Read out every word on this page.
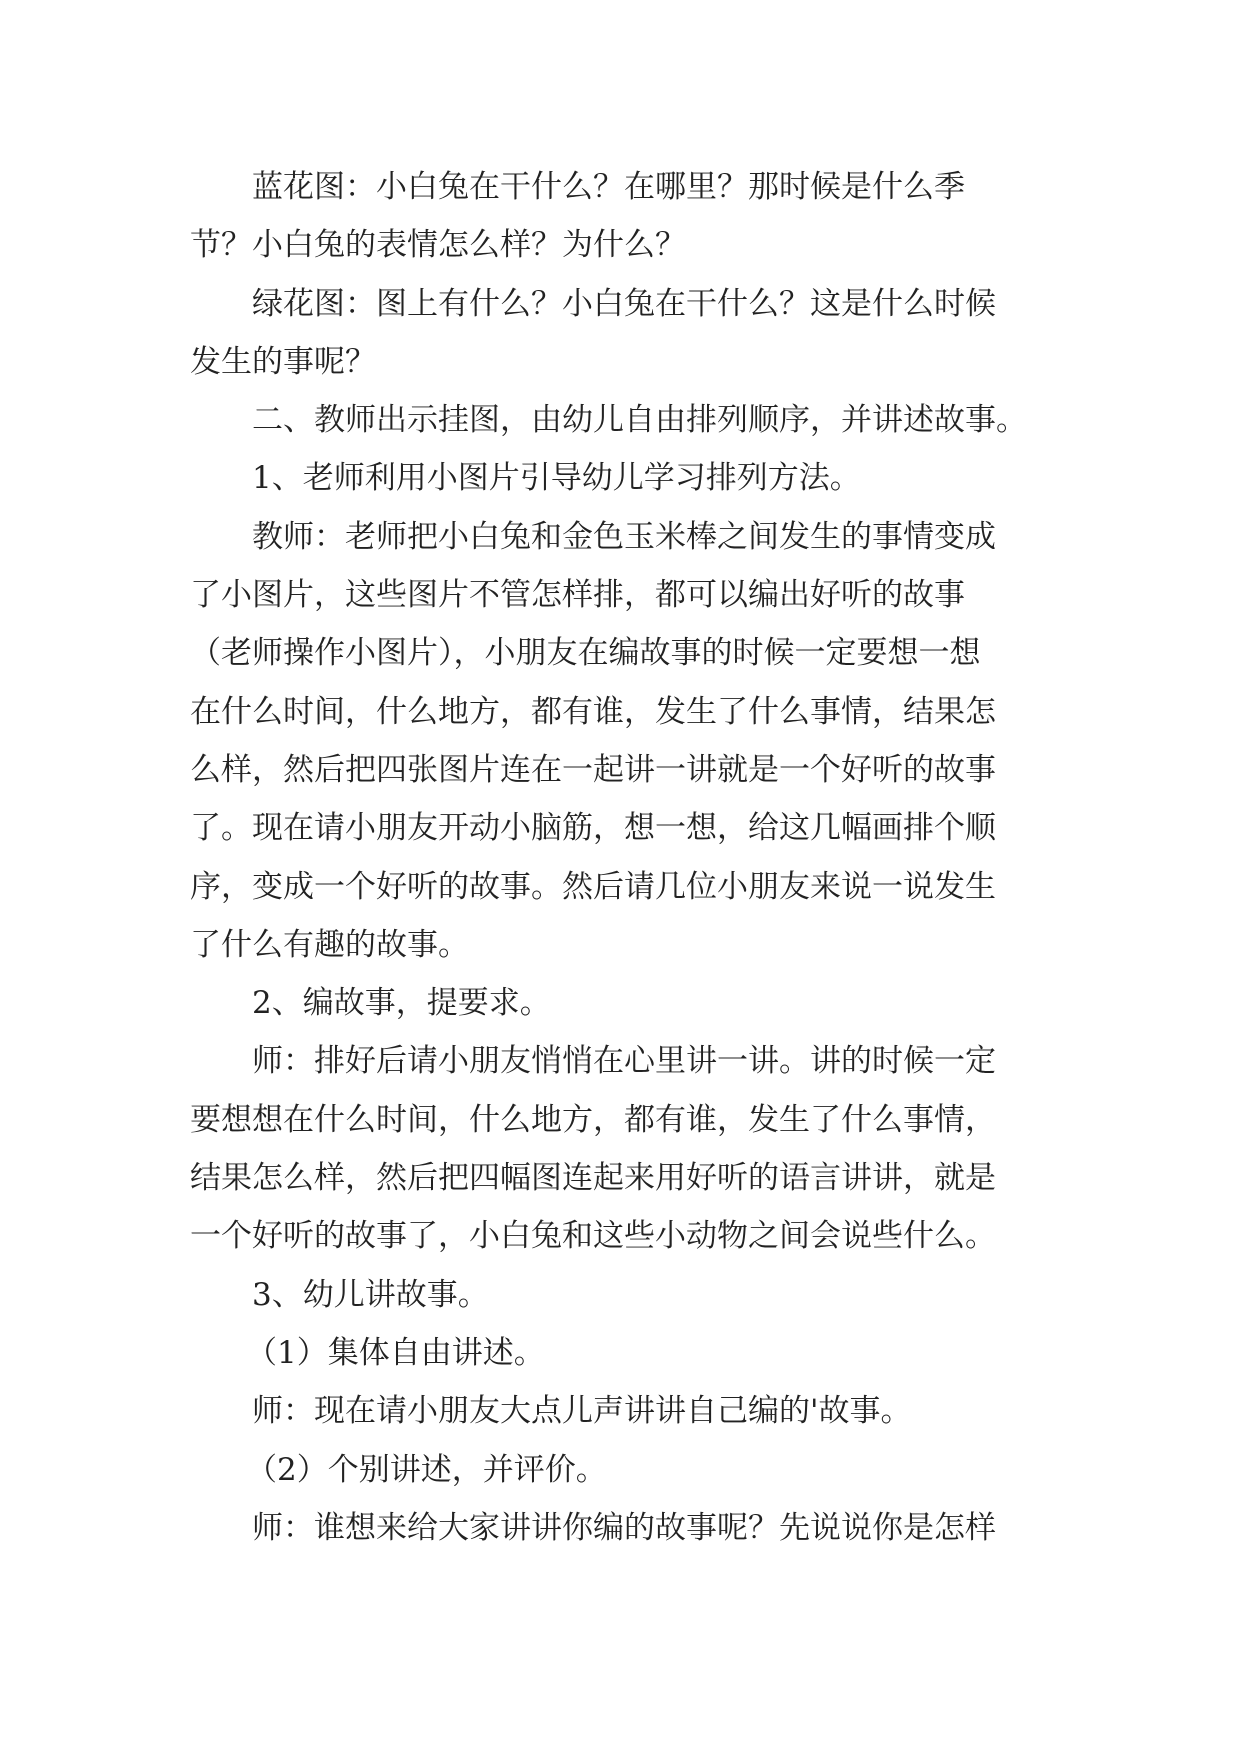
蓝花图：小白兔在干什么？在哪里？那时候是什么季
节？小白兔的表情怎么样？为什么？
绿花图：图上有什么？小白兔在干什么？这是什么时候
发生的事呢？
二、教师出示挂图，由幼儿自由排列顺序，并讲述故事。
1、老师利用小图片引导幼儿学习排列方法。
教师：老师把小白兔和金色玉米棒之间发生的事情变成
了小图片，这些图片不管怎样排，都可以编出好听的故事
（老师操作小图片），小朋友在编故事的时候一定要想一想
在什么时间，什么地方，都有谁，发生了什么事情，结果怎
么样，然后把四张图片连在一起讲一讲就是一个好听的故事
了。现在请小朋友开动小脑筋，想一想，给这几幅画排个顺
序，变成一个好听的故事。然后请几位小朋友来说一说发生
了什么有趣的故事。
2、编故事，提要求。
师：排好后请小朋友悄悄在心里讲一讲。讲的时候一定
要想想在什么时间，什么地方，都有谁，发生了什么事情，
结果怎么样，然后把四幅图连起来用好听的语言讲讲，就是
一个好听的故事了，小白兔和这些小动物之间会说些什么。
3、幼儿讲故事。
（1）集体自由讲述。
师：现在请小朋友大点儿声讲讲自己编的'故事。
（2）个别讲述，并评价。
师：谁想来给大家讲讲你编的故事呢？先说说你是怎样
